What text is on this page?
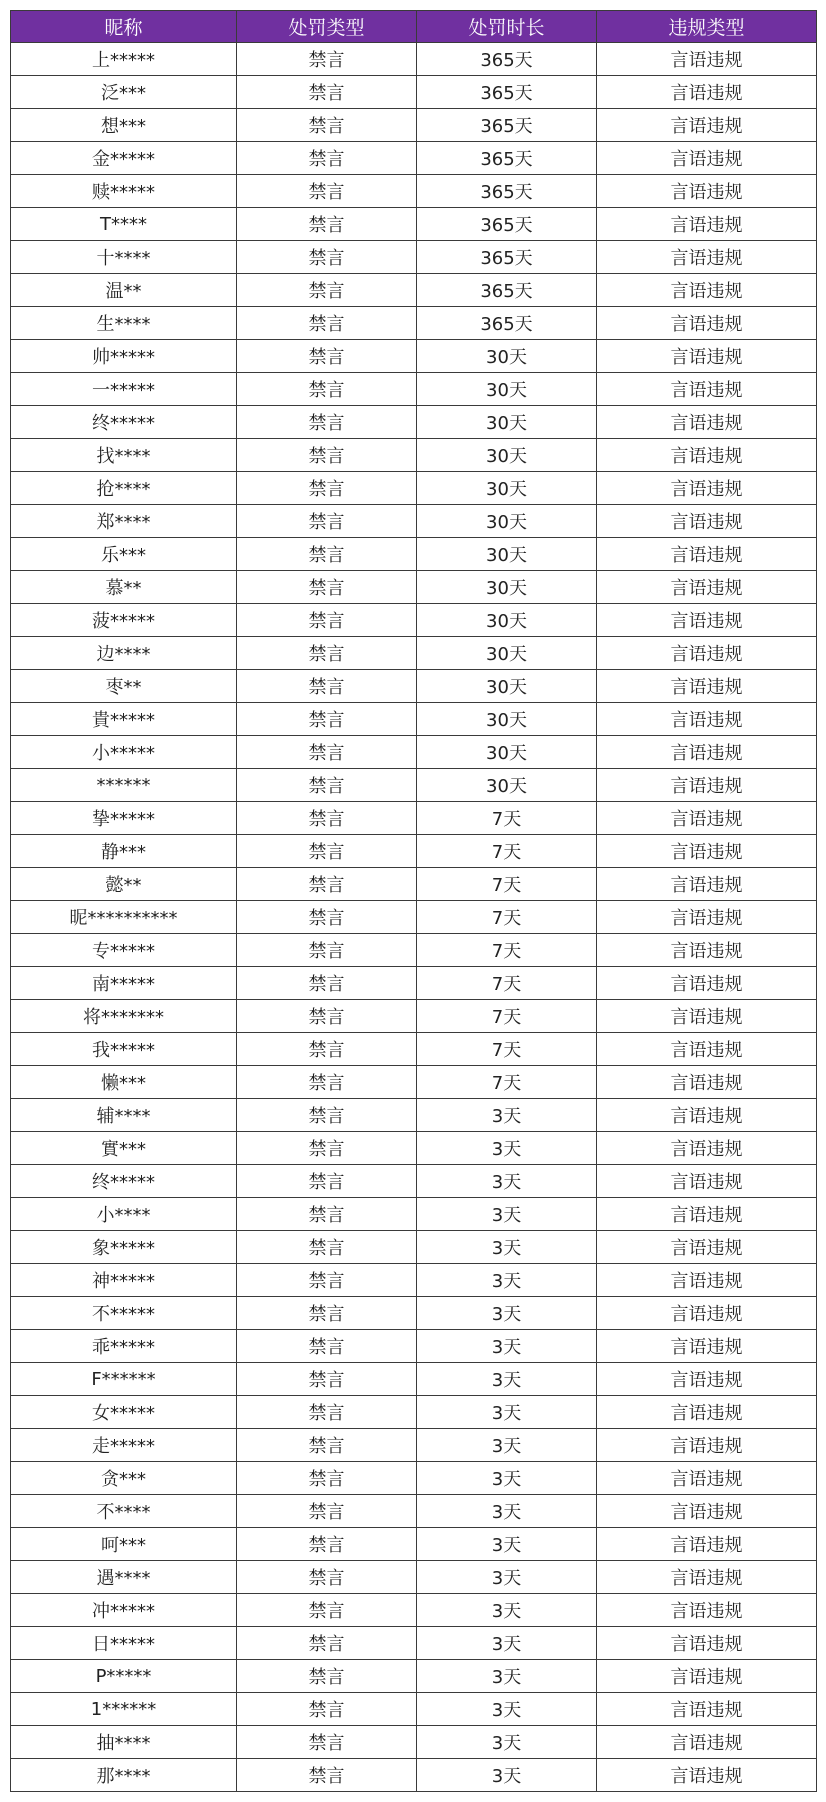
昵称	处罚类型	处罚时长	违规类型
上*****	禁言	365天	言语违规
泛***	禁言	365天	言语违规
想***	禁言	365天	言语违规
金*****	禁言	365天	言语违规
赎*****	禁言	365天	言语违规
T****	禁言	365天	言语违规
十****	禁言	365天	言语违规
温**	禁言	365天	言语违规
生****	禁言	365天	言语违规
帅*****	禁言	30天	言语违规
一*****	禁言	30天	言语违规
终*****	禁言	30天	言语违规
找****	禁言	30天	言语违规
抢****	禁言	30天	言语违规
郑****	禁言	30天	言语违规
乐***	禁言	30天	言语违规
慕**	禁言	30天	言语违规
菠*****	禁言	30天	言语违规
边****	禁言	30天	言语违规
枣**	禁言	30天	言语违规
貴*****	禁言	30天	言语违规
小*****	禁言	30天	言语违规
******	禁言	30天	言语违规
挚*****	禁言	7天	言语违规
静***	禁言	7天	言语违规
懿**	禁言	7天	言语违规
昵**********	禁言	7天	言语违规
专*****	禁言	7天	言语违规
南*****	禁言	7天	言语违规
将*******	禁言	7天	言语违规
我*****	禁言	7天	言语违规
懒***	禁言	7天	言语违规
辅****	禁言	3天	言语违规
實***	禁言	3天	言语违规
终*****	禁言	3天	言语违规
小****	禁言	3天	言语违规
象*****	禁言	3天	言语违规
神*****	禁言	3天	言语违规
不*****	禁言	3天	言语违规
乖*****	禁言	3天	言语违规
F******	禁言	3天	言语违规
女*****	禁言	3天	言语违规
走*****	禁言	3天	言语违规
贪***	禁言	3天	言语违规
不****	禁言	3天	言语违规
呵***	禁言	3天	言语违规
遇****	禁言	3天	言语违规
冲*****	禁言	3天	言语违规
日*****	禁言	3天	言语违规
P*****	禁言	3天	言语违规
1******	禁言	3天	言语违规
抽****	禁言	3天	言语违规
那****	禁言	3天	言语违规
